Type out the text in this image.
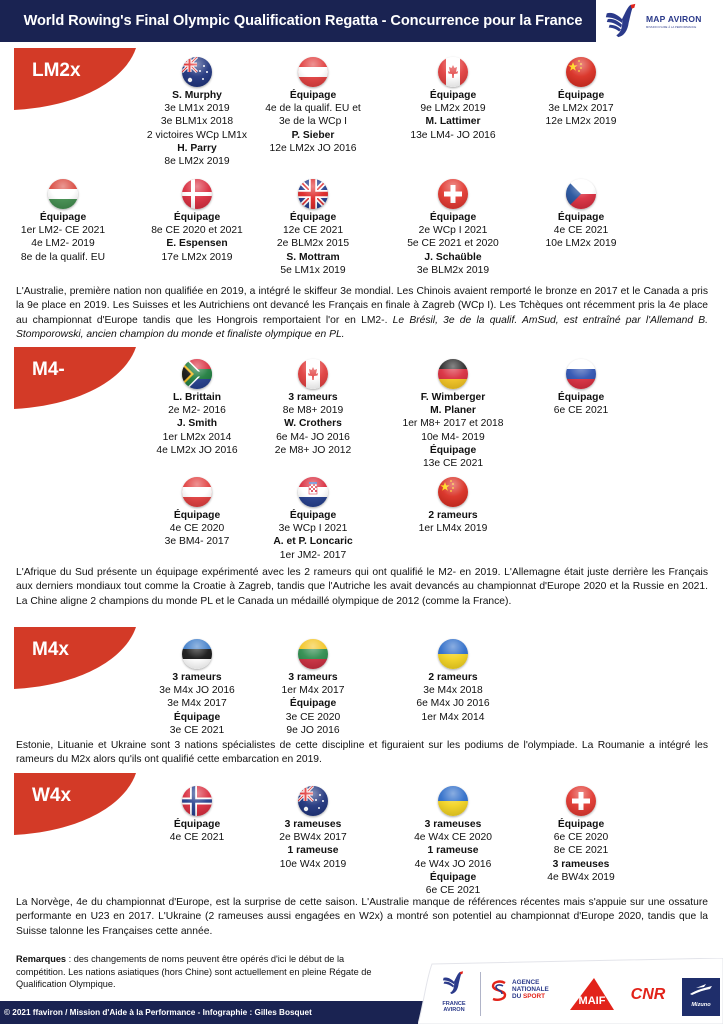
World Rowing's Final Olympic Qualification Regatta - Concurrence pour la France	MAP AVIRON
MISSION D'AIDE À LA PERFORMANCE
LM2x
S. Murphy
3e LM1x 2019
3e BLM1x 2018
2 victoires WCp LM1x
H. Parry
8e LM2x 2019
Équipage
4e de la qualif. EU et
3e de la WCp I
P. Sieber
12e LM2x JO 2016
Équipage
9e LM2x 2019
M. Lattimer
13e LM4- JO 2016
Équipage
3e LM2x 2017
12e LM2x 2019
Équipage
1er LM2- CE 2021
4e LM2- 2019
8e de la qualif. EU
Équipage
8e CE 2020 et 2021
E. Espensen
17e LM2x 2019
Équipage
12e CE 2021
2e BLM2x 2015
S. Mottram
5e LM1x 2019
Équipage
2e WCp I 2021
5e CE 2021 et 2020
J. Schaüble
3e BLM2x 2019
Équipage
4e CE 2021
10e LM2x 2019
L'Australie, première nation non qualifiée en 2019, a intégré le skiffeur 3e mondial. Les Chinois avaient remporté le bronze en 2017 et le Canada a pris la 9e place en 2019. Les Suisses et les Autrichiens ont devancé les Français en finale à Zagreb (WCp I). Les Tchèques ont récemment pris la 4e place au championnat d'Europe tandis que les Hongrois remportaient l'or en LM2-. Le Brésil, 3e de la qualif. AmSud, est entraîné par l'Allemand B. Stomporowski, ancien champion du monde et finaliste olympique en PL.
M4-
L. Brittain
2e M2- 2016
J. Smith
1er LM2x 2014
4e LM2x JO 2016
3 rameurs
8e M8+ 2019
W. Crothers
6e M4- JO 2016
2e M8+ JO 2012
F. Wimberger
M. Planer
1er M8+ 2017 et 2018
10e M4- 2019
Équipage
13e CE 2021
Équipage
6e CE 2021
Équipage
4e CE 2020
3e BM4- 2017
Équipage
3e WCp I 2021
A. et P. Loncaric
1er JM2- 2017
2 rameurs
1er LM4x 2019
L'Afrique du Sud présente un équipage expérimenté avec les 2 rameurs qui ont qualifié le M2- en 2019. L'Allemagne était juste derrière les Français aux derniers mondiaux tout comme la Croatie à Zagreb, tandis que l'Autriche les avait devancés au championnat d'Europe 2020 et la Russie en 2021. La Chine aligne 2 champions du monde PL et le Canada un médaillé olympique de 2012 (comme la France).
M4x
3 rameurs
3e M4x JO 2016
3e M4x 2017
Équipage
3e CE 2021
3 rameurs
1er M4x 2017
Équipage
3e CE 2020
9e JO 2016
2 rameurs
3e M4x 2018
6e M4x J0 2016
1er M4x 2014
Estonie, Lituanie et Ukraine sont 3 nations spécialistes de cette discipline et figuraient sur les podiums de l'olympiade. La Roumanie a intégré les rameurs du M2x alors qu'ils ont qualifié cette embarcation en 2019.
W4x
Équipage
4e CE 2021
3 rameuses
2e BW4x 2017
1 rameuse
10e W4x 2019
3 rameuses
4e W4x CE 2020
1 rameuse
4e W4x JO 2016
Équipage
6e CE 2021
Équipage
6e CE 2020
8e CE 2021
3 rameuses
4e BW4x 2019
La Norvège, 4e du championnat d'Europe, est la surprise de cette saison. L'Australie manque de références récentes mais s'appuie sur une ossature performante en U23 en 2017. L'Ukraine (2 rameuses aussi engagées en W2x) a montré son potentiel au championnat d'Europe 2020, tandis que la Suisse talonne les Françaises cette année.
Remarques : des changements de noms peuvent être opérés d'ici le début de la compétition. Les nations asiatiques (hors Chine) sont actuellement en pleine Régate de Qualification Olympique.
© 2021 ffaviron / Mission d'Aide à la Performance - Infographie : Gilles Bosquet
FRANCE
AVIRON
AGENCE
NATIONALE
DU SPORT	MAIF CNR
Mizuno
